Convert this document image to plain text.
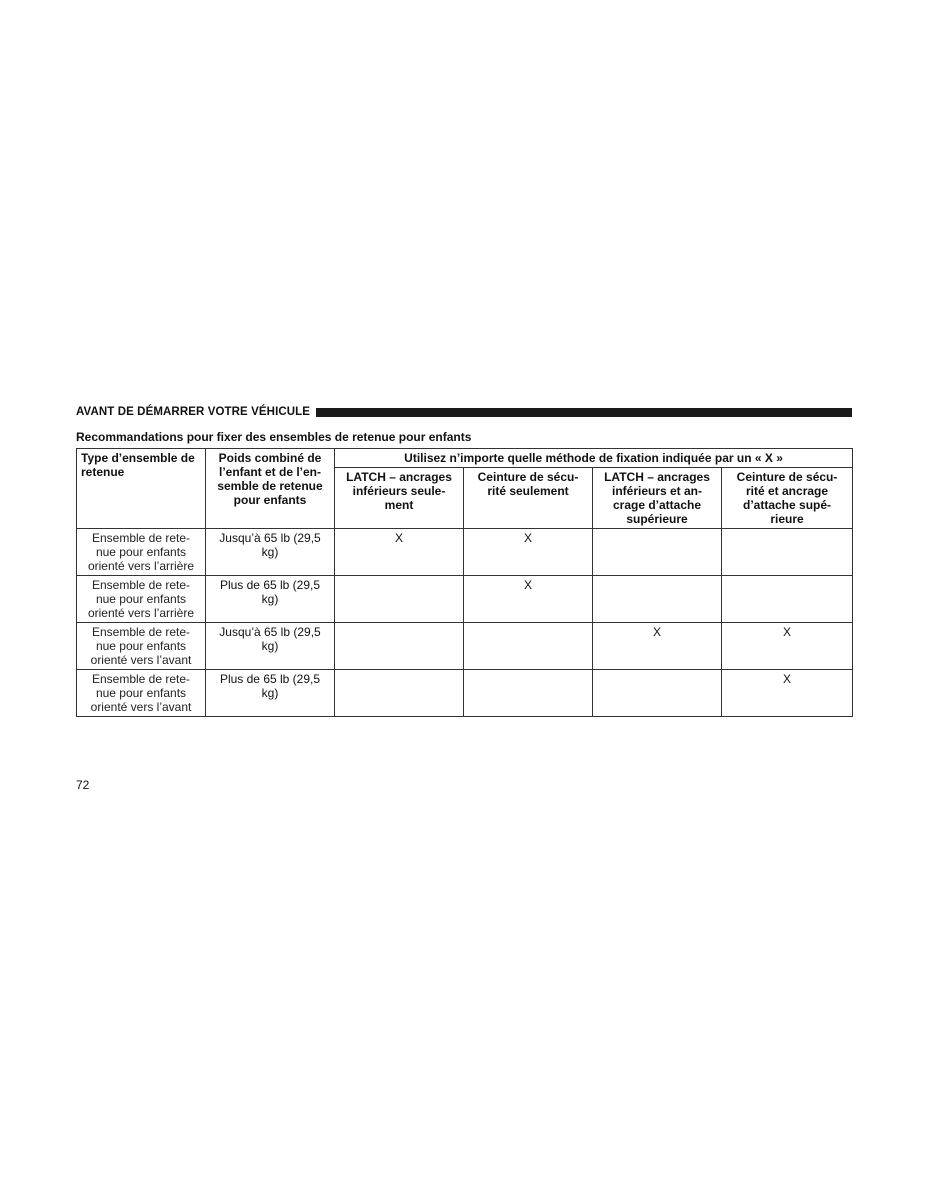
AVANT DE DÉMARRER VOTRE VÉHICULE
Recommandations pour fixer des ensembles de retenue pour enfants
Type d’ensemble de retenue	Poids combiné de l’enfant et de l’en- semble de retenue pour enfants	Utilisez n’importe quelle méthode de fixation indiquée par un « X »			
		LATCH – ancrages inférieurs seule- ment	Ceinture de sécu- rité seulement	LATCH – ancrages inférieurs et an- crage d’attache supérieure	Ceinture de sécu- rité et ancrage d’attache supé- rieure
Ensemble de rete- nue pour enfants orienté vers l’arrière	Jusqu’à 65 lb (29,5 kg)	X	X		
Ensemble de rete- nue pour enfants orienté vers l’arrière	Plus de 65 lb (29,5 kg)		X		
Ensemble de rete- nue pour enfants orienté vers l’avant	Jusqu’à 65 lb (29,5 kg)			X	X
Ensemble de rete- nue pour enfants orienté vers l’avant	Plus de 65 lb (29,5 kg)				X
72
